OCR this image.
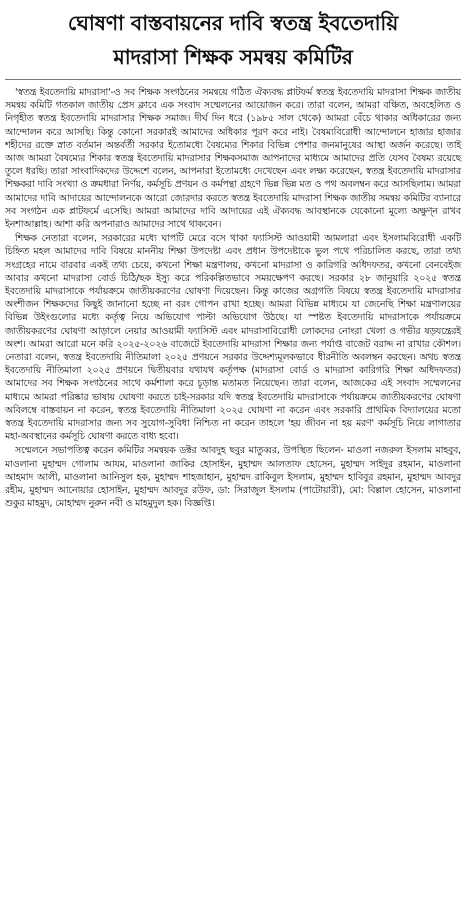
ঘোষণা বাস্তবায়নের দাবি স্বতন্ত্র ইবতেদায়ি
মাদরাসা শিক্ষক সমন্বয় কমিটির

'স্বতন্ত্র ইবতেদায়ি মাদরাসা'-ও সব শিক্ষক সংগঠনের সমন্বয়ে গঠিত ঐক্যবদ্ধ প্লাটফর্ম স্বতন্ত্র ইবতেদায়ি মাদরাসা শিক্ষক জাতীয় সমন্বয় কমিটি গতকাল জাতীয় প্রেস ক্লাবে এক সংবাদ সম্মেলনের আয়োজন করে। তারা বলেন, আমরা বঞ্চিত, অবহেলিত ও নিগৃহীত স্বতন্ত্র ইবতেদায়ি মাদরাসার শিক্ষক সমাজ। দীর্ঘ দিন ধরে (১৯৮৫ সাল থেকে) আমরা বেঁচে থাকার অধিকারের জন্য আন্দোলন করে আসছি। কিন্তু কোনো সরকারই আমাদের অধিকার পূরণ করে নাই। বৈষম্যবিরোধী আন্দোলনে হাজার হাজার শহীদের রক্তে স্নাত বর্তমান অন্তর্বর্তী সরকার ইতোমধ্যে বৈষম্যের শিকার বিভিন্ন পেশার জনমানুষের আস্থা অর্জন করেছে। তাই আজ আমরা বৈষম্যের শিকার স্বতন্ত্র ইবতেদায়ি মাদরাসার শিক্ষকসমাজ আপনাদের মাধ্যমে আমাদের প্রতি যেসব বৈষম্য রয়েছে তুলে ধরছি। তারা সাংবাদিকদের উদ্দেশে বলেন, আপনারা ইতোমধ্যে দেখেছেন এবং লক্ষ্য করেছেন, স্বতন্ত্র ইবতেদায়ি মাদরাসার শিক্ষকরা দাবি সংখ্যা ও ক্রমধারা নির্ণয়, কর্মসূচি প্রণয়ন ও কর্মপন্থা গ্রহণে ভিন্ন ভিন্ন মত ও পথ অবলম্বন করে আসছিলাম। আমরা আমাদের দাবি আদায়ের আন্দোলনকে আরো জোরদার করতে স্বতন্ত্র ইবতেদায়ি মাদরাসা শিক্ষক জাতীয় সমন্বয় কমিটির ব্যানারে সব সংগঠন এক প্লাটফর্মে এসেছি। আমরা আমাদের দাবি আদায়ের এই ঐক্যবদ্ধ আবস্থানকে যেকোনো মূল্যে অক্ষুণ্ন রাখব ইনশাআল্লাহ। আশা করি অপনারাও আমাদের সাথে থাকবেন।

শিক্ষক নেতারা বলেন, সরকারের মধ্যে ঘাপটি মেরে বসে থাকা ফ্যাসিস্ট আওয়ামী আমলারা এবং ইসলামবিরোধী একটি চিহ্নিত মহল আমাদের দাবি বিষয়ে মাননীয় শিক্ষা উপদেষ্টা এবং প্রধান উপদেষ্টাকে ভুল পথে পরিচালিত করছে, তারা তথ্য সংগ্রহের নামে বারবার একই তথ্য চেয়ে, কখনো শিক্ষা মন্ত্রণালয়, কখনো মাদরাসা ও কারিগরি অধিদফতর, কখনো বেনবেইজ আবার কখনো মাদরাসা বোর্ড চিঠি/ছক ইস্যু করে পরিকল্পিতভাবে সময়ক্ষেপণ করছে। সরকার ২৮ জানুয়ারি ২০২৫ স্বতন্ত্র ইবতেদায়ি মাদরাসাকে পর্যায়ক্রমে জাতীয়করণের ঘোষণা দিয়েছেন। কিন্তু কাজের অগ্রগতি বিষয়ে স্বতন্ত্র ইবতেদায়ি মাদরাসার অংশীজন শিক্ষকদের কিছুই জানানো হচ্ছে না বরং গোপন রাখা হচ্ছে। আমরা বিভিন্ন মাধ্যমে যা জেনেছি শিক্ষা মন্ত্রণালয়ের বিভিন্ন উইংগুলোর মধ্যে কর্তৃত্ব নিয়ে অভিযোগ পাল্টা অভিযোগ উঠছে। যা স্পষ্টত ইবতেদায়ি মাদরাসাকে পর্যায়ক্রমে জাতীয়করণের ঘোষণা আড়ালে নেয়ার আওয়ামী ফ্যাসিস্ট এবং মাদরাসাবিরোধী লোকদের নোংরা খেলা ও গভীর ষড়যন্ত্রেরই অংশ। আমরা আরো মনে করি ২০২৫-২০২৬ বাজেটে ইবতেদায়ি মাদরাসা শিক্ষার জন্য পর্যাপ্ত বাজেট বরাদ্দ না রাখার কৌশল। নেতারা বলেন, স্বতন্ত্র ইবতেদায়ি নীতিমালা ২০২৫ প্রণয়নে সরকার উদ্দেশ্যমূলকভাবে ধীরনীতি অবলম্বন করছেন। অথচ স্বতন্ত্র ইবতেদায়ি নীতিমালা ২০২৫ প্রণয়নে দ্বিতীয়বার যথাযথ কর্তৃপক্ষ (মাদরাসা বোর্ড ও মাদরাসা কারিগরি শিক্ষা অধিদফতর) আমাদের সব শিক্ষক সংগঠনের সাথে কর্মশালা করে চূড়ান্ত মতামত নিয়েছেন। তারা বলেন, আজকের এই সংবাদ সম্মেলনের মাধ্যমে আমরা পরিষ্কার ভাষায় ঘোষণা করতে চাই-সরকার যদি স্বতন্ত্র ইবতেদায়ি মাদরাসাকে পর্যায়ক্রমে জাতীয়করণের ঘোষণা অবিলম্বে বাস্তবায়ন না করেন, স্বতন্ত্র ইবতেদায়ি নীতিমালা ২০২৫ ঘোষণা না করেন এবং সরকারি প্রাথমিক বিদ্যালয়ের মতো স্বতন্ত্র ইবতেদায়ি মাদরাসার জন্য সব সুযোগ-সুবিধা নিশ্চিত না করেন তাহলে 'হয় জীবন না হয় মরণ' কর্মসূচি নিয়ে লাগাতার মহা-অবস্থানের কর্মসূচি ঘোষণা করতে বাধ্য হবো।

সম্মেলনে সভাপতিত্ব করেন কমিটির সমন্বয়ক ডক্টর আবদুহ ছবুর মাতুব্বর, উপস্থিত ছিলেন- মাওলা নজরুল ইসলাম মাহবুব, মাওলানা মুহাম্মদ গোলাম আযম, মাওলানা জাকির হোসাইন, মুহাম্মদ আলতাফ হোসেন, মুহাম্মদ সাইদুর রহমান, মাওলানা আহমাদ আলী, মাওলানা আনিসুল হক, মুহাম্মদ শাহজাহান, মুহাম্মদ রাকিবুল ইসলাম, মুহাম্মদ হাবিবুর রহমান, মুহাম্মদ আবদুর রহীম, মুহাম্মদ আনোয়ার হোসাইন, মুহাম্মদ আবদুর রউফ, ডা: সিরাজুল ইসলাম (পাটোয়ারী), মো: বিল্লাল হোসেন, মাওলানা শুকুর মাহমুদ, মোহাম্মদ নুরুন নবী ও মাহমুদুল হক। বিজ্ঞপ্তি।
